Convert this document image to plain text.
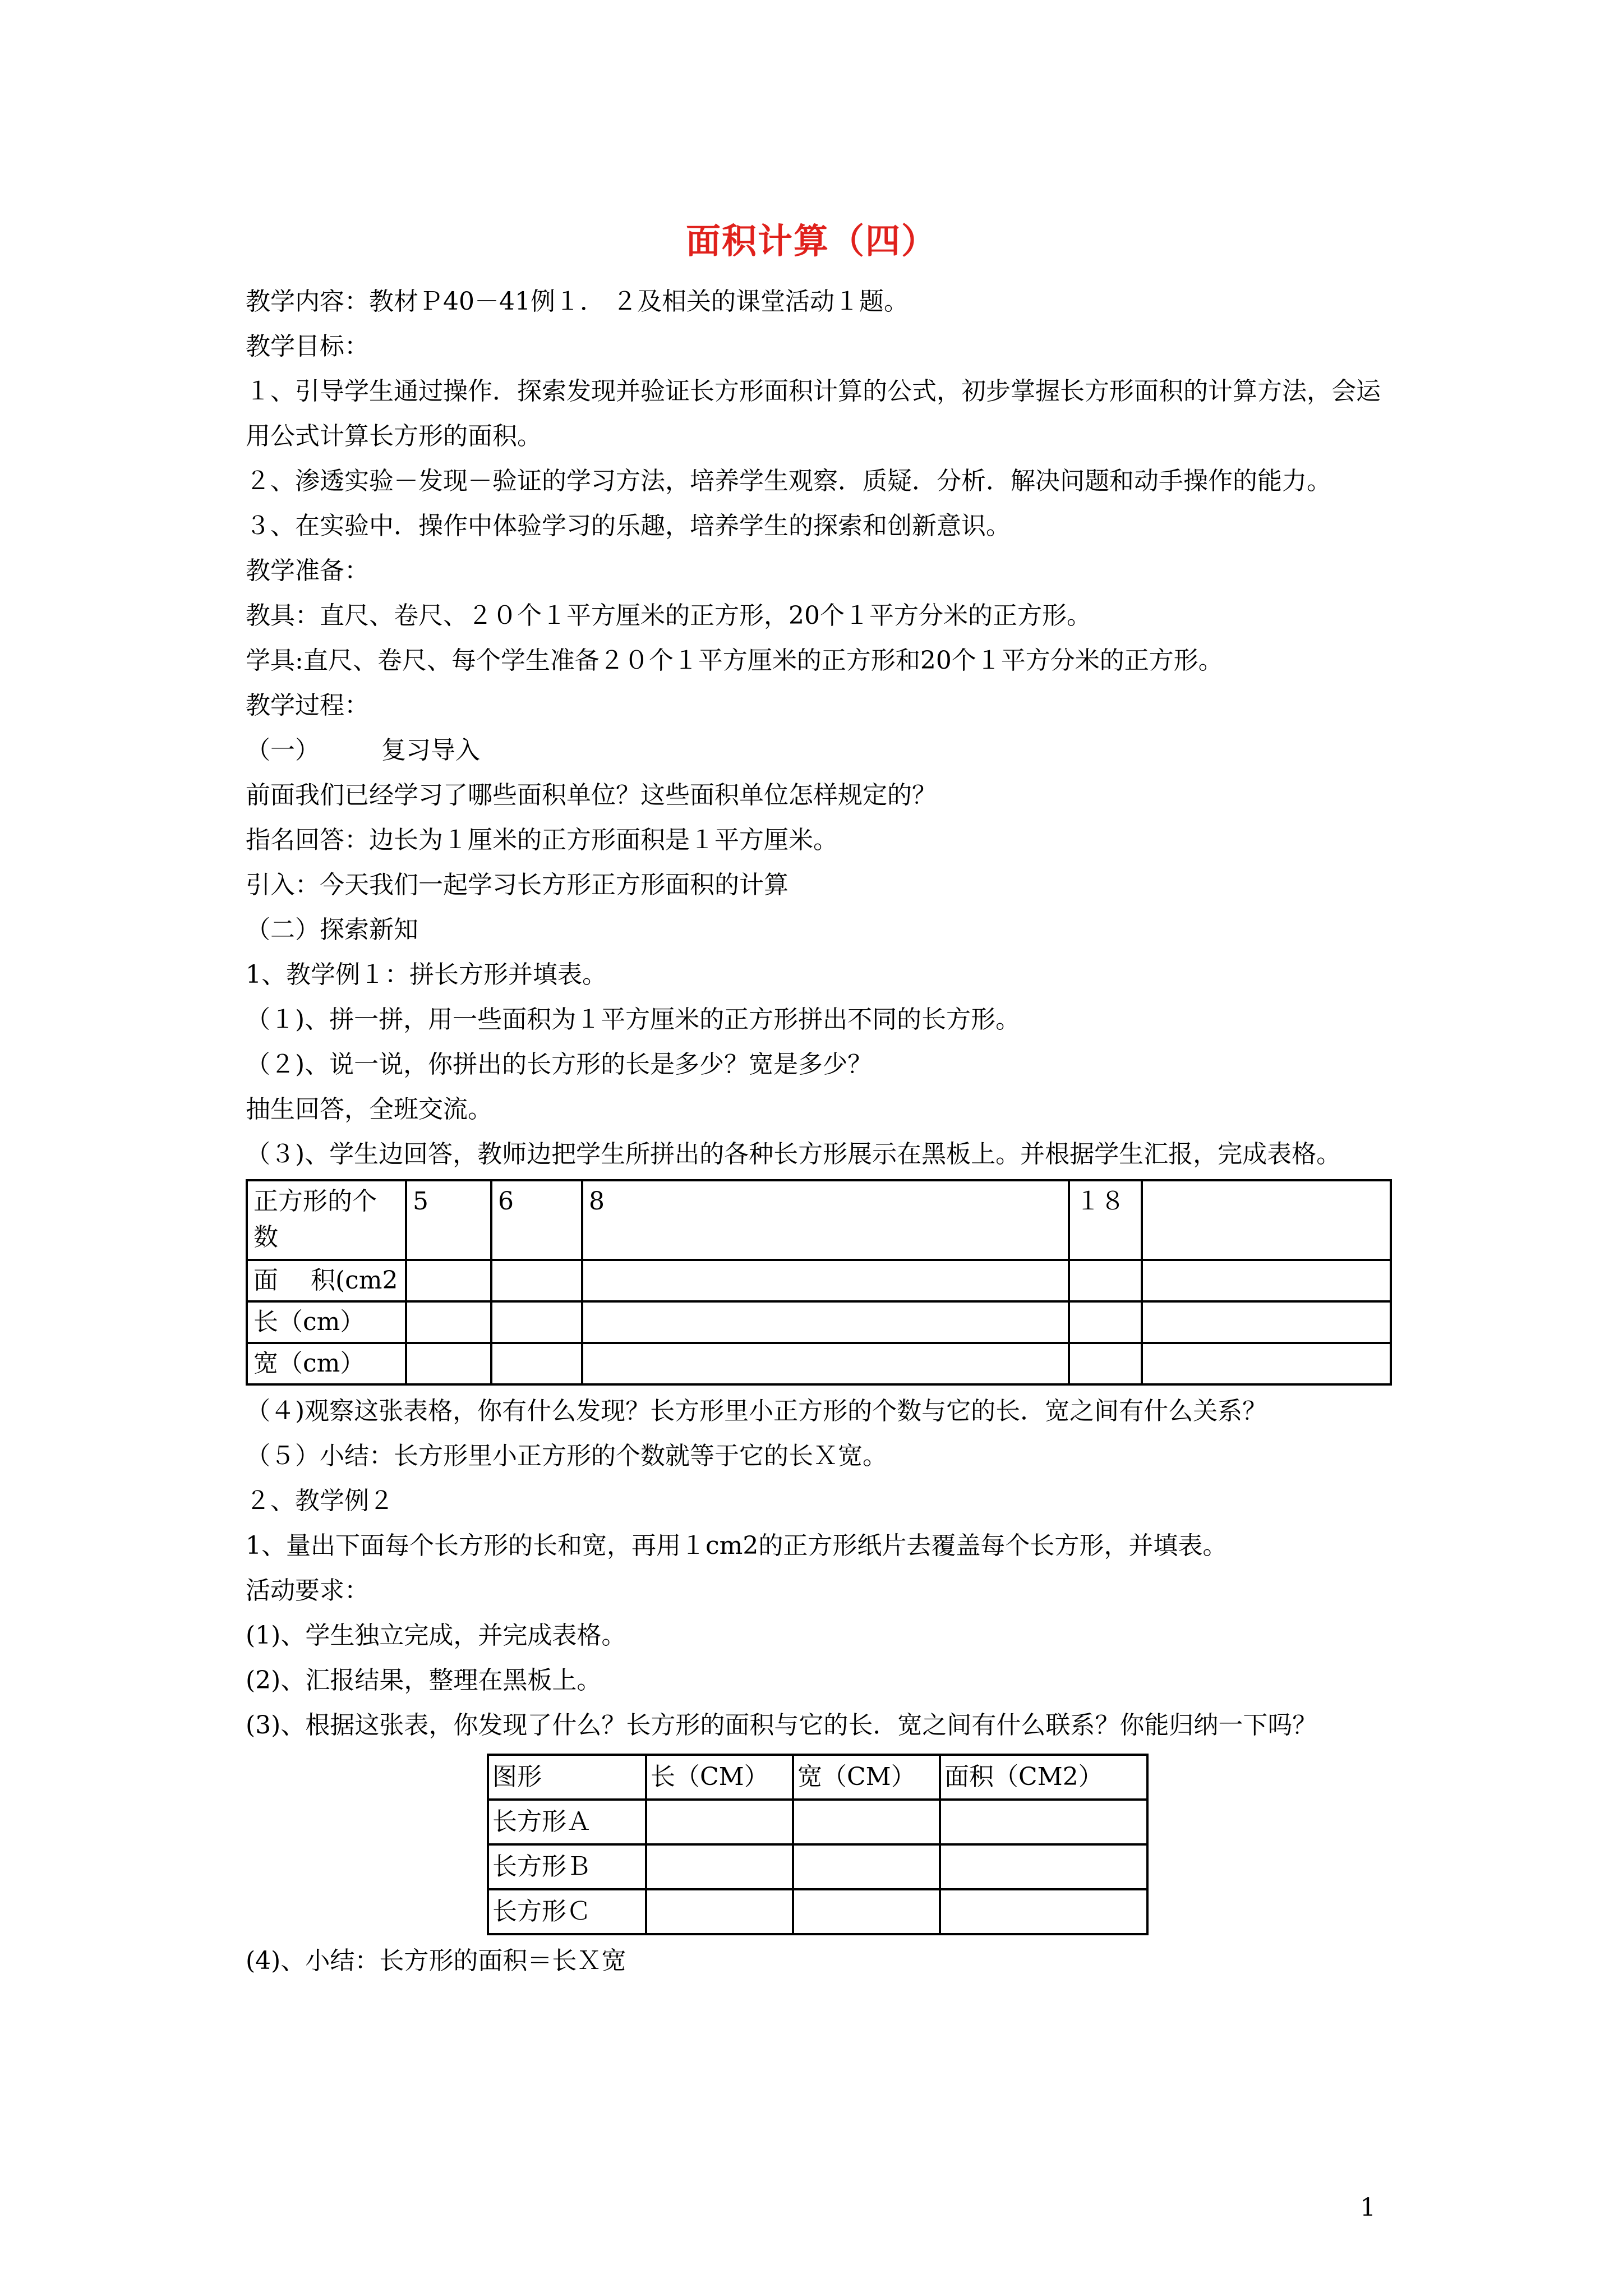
面积计算（四）

教学内容：教材Ｐ40－41例１． ２及相关的课堂活动１题。

教学目标：

１、引导学生通过操作．探索发现并验证长方形面积计算的公式，初步掌握长方形面积的计算方法，会运用公式计算长方形的面积。

２、渗透实验－发现－验证的学习方法，培养学生观察．质疑．分析．解决问题和动手操作的能力。

３、在实验中．操作中体验学习的乐趣，培养学生的探索和创新意识。

教学准备：

教具：直尺、卷尺、２０个１平方厘米的正方形，20个１平方分米的正方形。

学具:直尺、卷尺、每个学生准备２０个１平方厘米的正方形和20个１平方分米的正方形。

教学过程：

（一）　　　复习导入

前面我们已经学习了哪些面积单位？这些面积单位怎样规定的？

指名回答：边长为１厘米的正方形面积是１平方厘米。

引入：今天我们一起学习长方形正方形面积的计算

（二）探索新知

1、教学例１：拼长方形并填表。

（１)、拼一拼，用一些面积为１平方厘米的正方形拼出不同的长方形。

（２)、说一说，你拼出的长方形的长是多少？宽是多少？

抽生回答，全班交流。

（３)、学生边回答，教师边把学生所拼出的各种长方形展示在黑板上。并根据学生汇报，完成表格。

正方形的个数	5	6	8	１８	
面　 积(cm2					
长（cm）					
宽（cm）					

（４)观察这张表格，你有什么发现？长方形里小正方形的个数与它的长．宽之间有什么关系？

（５）小结：长方形里小正方形的个数就等于它的长Ｘ宽。

２、教学例２

1、量出下面每个长方形的长和宽，再用１cm2的正方形纸片去覆盖每个长方形，并填表。

活动要求：

(1)、学生独立完成，并完成表格。

(2)、汇报结果，整理在黑板上。

(3)、根据这张表，你发现了什么？长方形的面积与它的长．宽之间有什么联系？你能归纳一下吗？

图形	长（CM）	宽（CM）	面积（CM2）
长方形Ａ			
长方形Ｂ			
长方形Ｃ			

(4)、小结：长方形的面积＝长Ｘ宽

1
